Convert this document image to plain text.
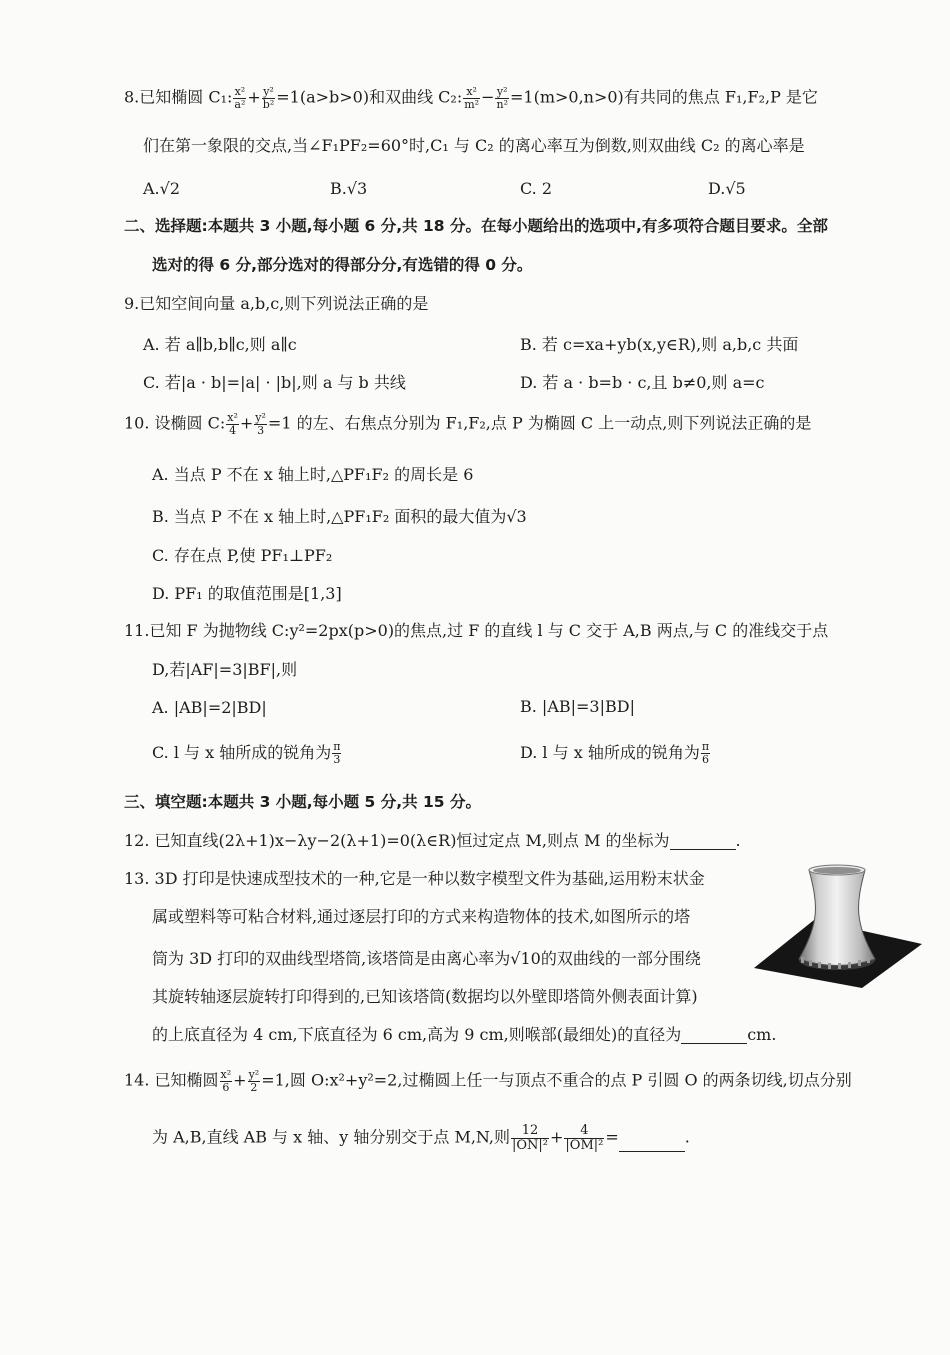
8.已知椭圆 C₁: $\frac{\text{x²}}{\text{a²}} + \frac{\text{y²}}{\text{b²}} =1(a>b>0)$和双曲线 C₂: $\frac{\text{x²}}{\text{m²}} - \frac{\text{y²}}{\text{n²}} =1(m>0,n>0)$有共同的焦点 F₁,F₂,P 是它
们在第一象限的交点,当∠F₁PF₂=60°时,C₁ 与 C₂ 的离心率互为倒数,则双曲线 C₂ 的离心率是
A.√2	B.√3	C. 2	D.√5
二、选择题:本题共 3 小题,每小题 6 分,共 18 分。在每小题给出的选项中,有多项符合题目要求。全部
选对的得 6 分,部分选对的得部分分,有选错的得 0 分。
9.已知空间向量 a,b,c,则下列说法正确的是
A. 若 a∥b,b∥c,则 a∥c	B. 若 c=xa+yb(x,y∈R),则 a,b,c 共面
C. 若|a · b|=|a| · |b|,则 a 与 b 共线	D. 若 a · b=b · c,且 b≠0,则 a=c
10. 设椭圆 C: $\frac{\text{x²}}{4} + \frac{\text{y²}}{3} =1$ 的左、右焦点分别为 F₁,F₂,点 P 为椭圆 C 上一动点,则下列说法正确的是
A. 当点 P 不在 x 轴上时,△PF₁F₂ 的周长是 6
B. 当点 P 不在 x 轴上时,△PF₁F₂ 面积的最大值为√3
C. 存在点 P,使 PF₁⊥PF₂
D. PF₁ 的取值范围是[1,3]
11.已知 F 为抛物线 C:y²=2px(p>0)的焦点,过 F 的直线 l 与 C 交于 A,B 两点,与 C 的准线交于点
D,若|AF|=3|BF|,则
A. |AB|=2|BD|	B. |AB|=3|BD|
C. l 与 x 轴所成的锐角为 $\frac{\pi}{3}$	D. l 与 x 轴所成的锐角为 $\frac{\pi}{6}$
三、填空题:本题共 3 小题,每小题 5 分,共 15 分。
12. 已知直线(2λ+1)x−λy−2(λ+1)=0(λ∈R)恒过定点 M,则点 M 的坐标为	.
13. 3D 打印是快速成型技术的一种,它是一种以数字模型文件为基础,运用粉末状金
属或塑料等可粘合材料,通过逐层打印的方式来构造物体的技术,如图所示的塔
筒为 3D 打印的双曲线型塔筒,该塔筒是由离心率为√10的双曲线的一部分围绕
其旋转轴逐层旋转打印得到的,已知该塔筒(数据均以外壁即塔筒外侧表面计算)
的上底直径为 4 cm,下底直径为 6 cm,高为 9 cm,则喉部(最细处)的直径为	cm.
14. 已知椭圆 $\frac{\text{x²}}{6} + \frac{\text{y²}}{2} =1$,圆 O:x²+y²=2,过椭圆上任一与顶点不重合的点 P 引圆 O 的两条切线,切点分别
为 A,B,直线 AB 与 x 轴、y 轴分别交于点 M,N,则 $\frac{12}{\text{|ON|²}} + \frac{4}{\text{|OM|²}}$ =	.
